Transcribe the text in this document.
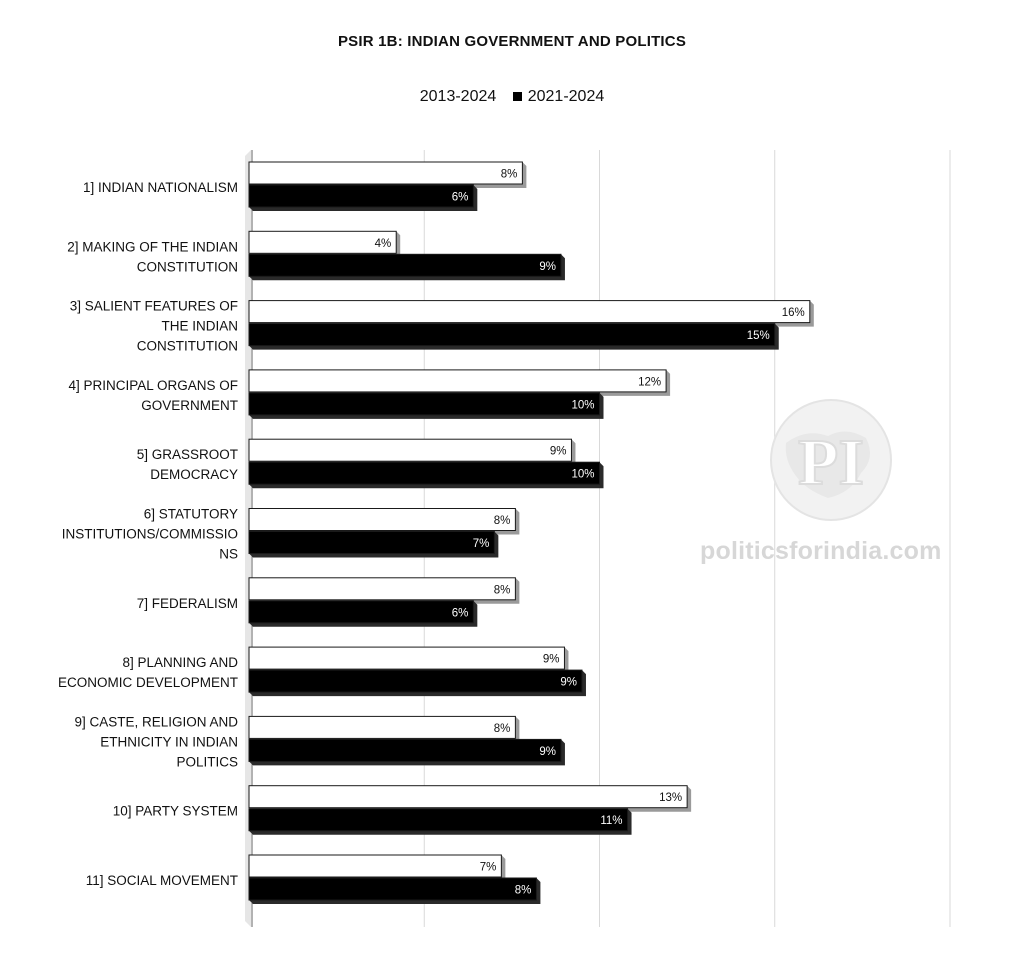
1] INDIAN NATIONALISM
8%
6%
2] MAKING OF THE INDIAN CONSTITUTION
4%
9%
3] SALIENT FEATURES OF THE INDIAN CONSTITUTION
16%
15%
4] PRINCIPAL ORGANS OF GOVERNMENT
12%
10%
5] GRASSROOT DEMOCRACY
9%
10%
6] STATUTORY INSTITUTIONS/COMMISSIO NS
8%
7%
7] FEDERALISM
8%
6%
8] PLANNING AND ECONOMIC DEVELOPMENT
9%
9%
9] CASTE, RELIGION AND ETHNICITY IN INDIAN POLITICS
8%
9%
10] PARTY SYSTEM
13%
11%
11] SOCIAL MOVEMENT
7%
8%
PSIR 1B: INDIAN GOVERNMENT AND POLITICS
2013-2024 2021-2024
PI
politicsforindia.com
